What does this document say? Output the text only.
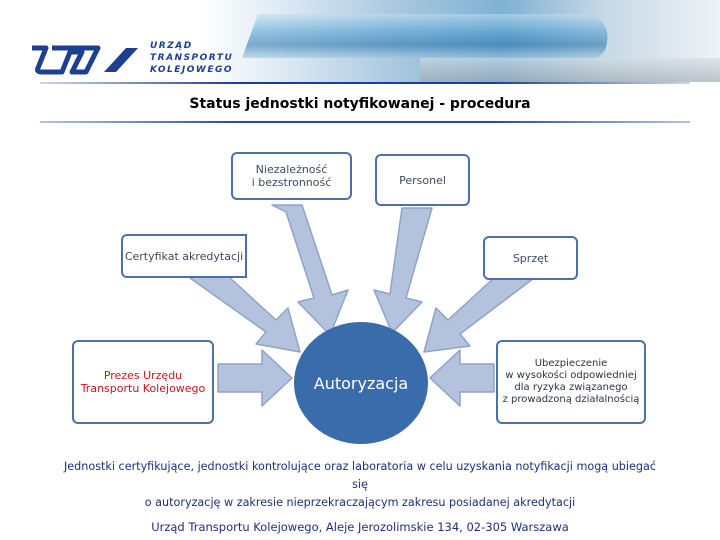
URZĄD
TRANSPORTU
KOLEJOWEGO
Status jednostki notyfikowanej - procedura
Niezależność
i bezstronność	Personel
Certyfikat akredytacji	Sprzęt
Prezes Urzędu
Transportu Kolejowego	Autoryzacja
Ubezpieczenie
w wysokości odpowiedniej
dla ryzyka związanego
z prowadzoną działalnością
Jednostki certyfikujące, jednostki kontrolujące oraz laboratoria w celu uzyskania notyfikacji mogą ubiegać
się
o autoryzację w zakresie nieprzekraczającym zakresu posiadanej akredytacji
Urząd Transportu Kolejowego, Aleje Jerozolimskie 134, 02-305 Warszawa
